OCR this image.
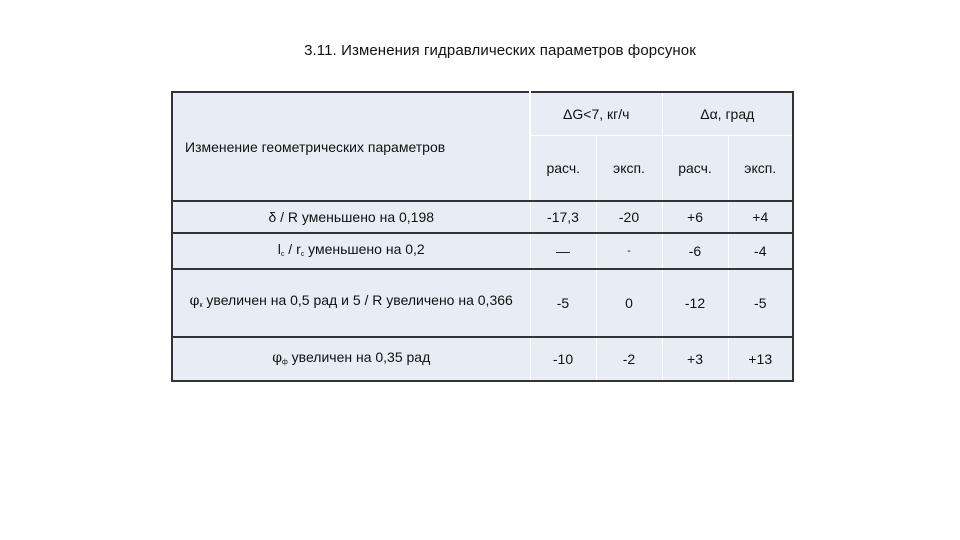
3.11. Изменения гидравлических параметров форсунок
Изменение геометрических параметров	ΔG<7, кг/ч		Δα, град	
	расч.	эксп.	расч.	эксп.
δ / R уменьшено на 0,198	-17,3	-20	+6	+4
$l_c / r_c$ уменьшено на 0,2	—	-	-6	-4
$\varphi_к$ увеличен на 0,5 рад и 5 / R увеличено на 0,366	-5	0	-12	-5
$\varphi_ф$ увеличен на 0,35 рад	-10	-2	+3	+13
